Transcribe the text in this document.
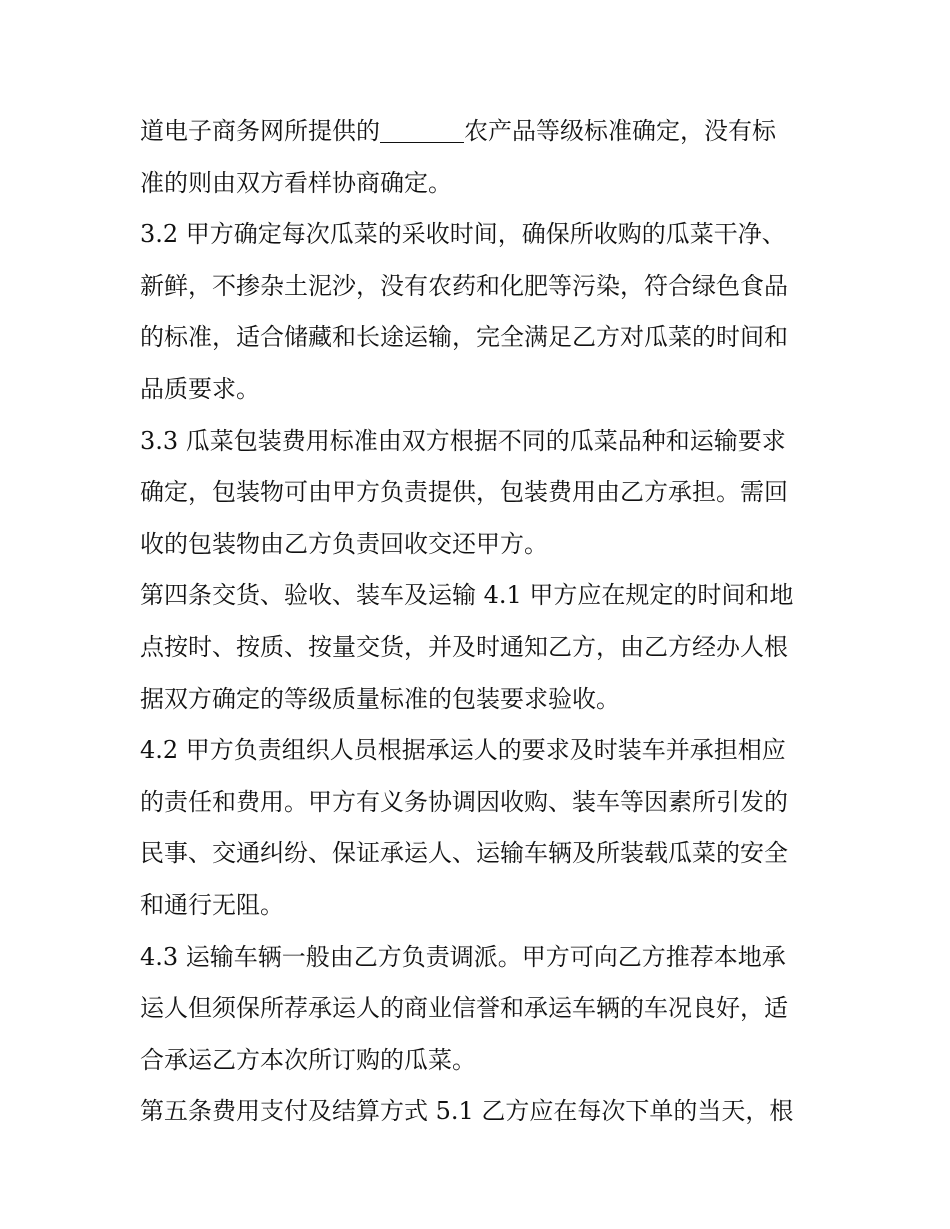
道电子商务网所提供的	农产品等级标准确定，没有标
准的则由双方看样协商确定。
3.2 甲方确定每次瓜菜的采收时间，确保所收购的瓜菜干净、
新鲜，不掺杂土泥沙，没有农药和化肥等污染，符合绿色食品
的标准，适合储藏和长途运输，完全满足乙方对瓜菜的时间和
品质要求。
3.3 瓜菜包装费用标准由双方根据不同的瓜菜品种和运输要求
确定，包装物可由甲方负责提供，包装费用由乙方承担。需回
收的包装物由乙方负责回收交还甲方。
第四条交货、验收、装车及运输 4.1 甲方应在规定的时间和地
点按时、按质、按量交货，并及时通知乙方，由乙方经办人根
据双方确定的等级质量标准的包装要求验收。
4.2 甲方负责组织人员根据承运人的要求及时装车并承担相应
的责任和费用。甲方有义务协调因收购、装车等因素所引发的
民事、交通纠纷、保证承运人、运输车辆及所装载瓜菜的安全
和通行无阻。
4.3 运输车辆一般由乙方负责调派。甲方可向乙方推荐本地承
运人但须保所荐承运人的商业信誉和承运车辆的车况良好，适
合承运乙方本次所订购的瓜菜。
第五条费用支付及结算方式 5.1 乙方应在每次下单的当天，根
